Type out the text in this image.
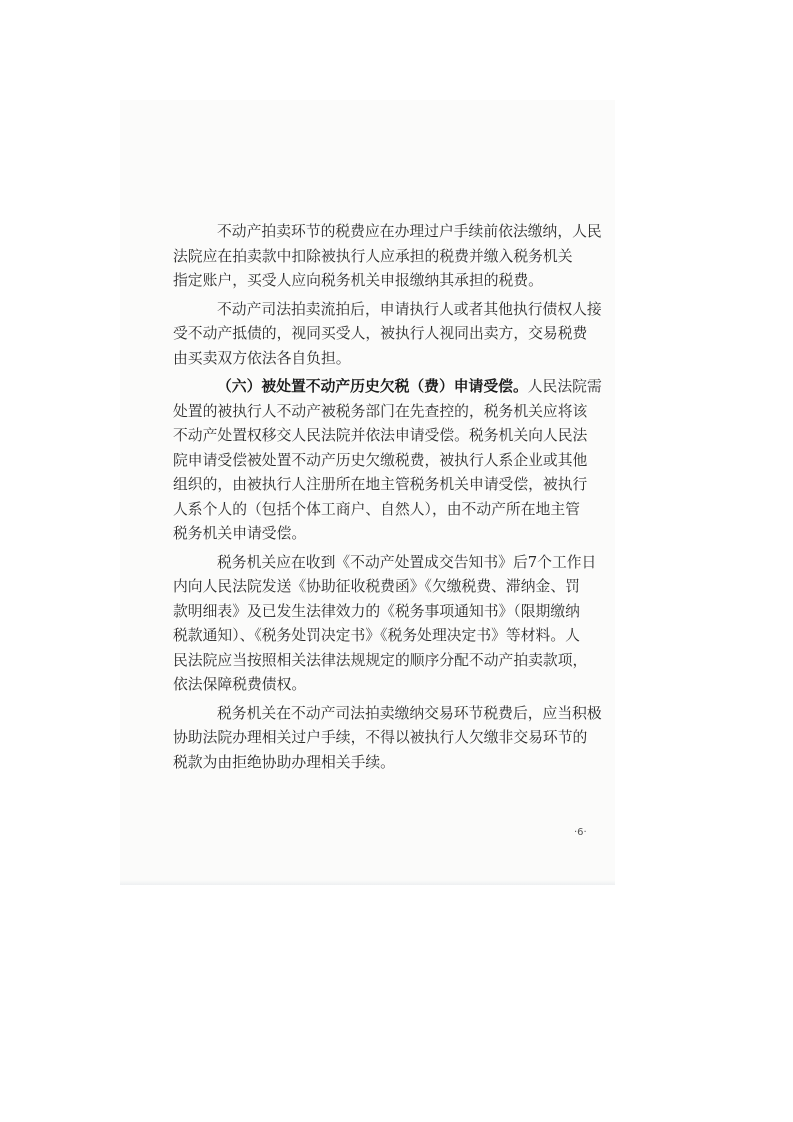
不动产拍卖环节的税费应在办理过户手续前依法缴纳，人民
法院应在拍卖款中扣除被执行人应承担的税费并缴入税务机关
指定账户，买受人应向税务机关申报缴纳其承担的税费。
不动产司法拍卖流拍后，申请执行人或者其他执行债权人接
受不动产抵债的，视同买受人，被执行人视同出卖方，交易税费
由买卖双方依法各自负担。
（六）被处置不动产历史欠税（费）申请受偿。人民法院需
处置的被执行人不动产被税务部门在先查控的，税务机关应将该
不动产处置权移交人民法院并依法申请受偿。税务机关向人民法
院申请受偿被处置不动产历史欠缴税费，被执行人系企业或其他
组织的，由被执行人注册所在地主管税务机关申请受偿，被执行
人系个人的（包括个体工商户、自然人），由不动产所在地主管
税务机关申请受偿。
税务机关应在收到《不动产处置成交告知书》后7个工作日
内向人民法院发送《协助征收税费函》《欠缴税费、滞纳金、罚
款明细表》及已发生法律效力的《税务事项通知书》（限期缴纳
税款通知）、《税务处罚决定书》《税务处理决定书》等材料。人
民法院应当按照相关法律法规规定的顺序分配不动产拍卖款项，
依法保障税费债权。
税务机关在不动产司法拍卖缴纳交易环节税费后，应当积极
协助法院办理相关过户手续，不得以被执行人欠缴非交易环节的
税款为由拒绝协助办理相关手续。
·6·
